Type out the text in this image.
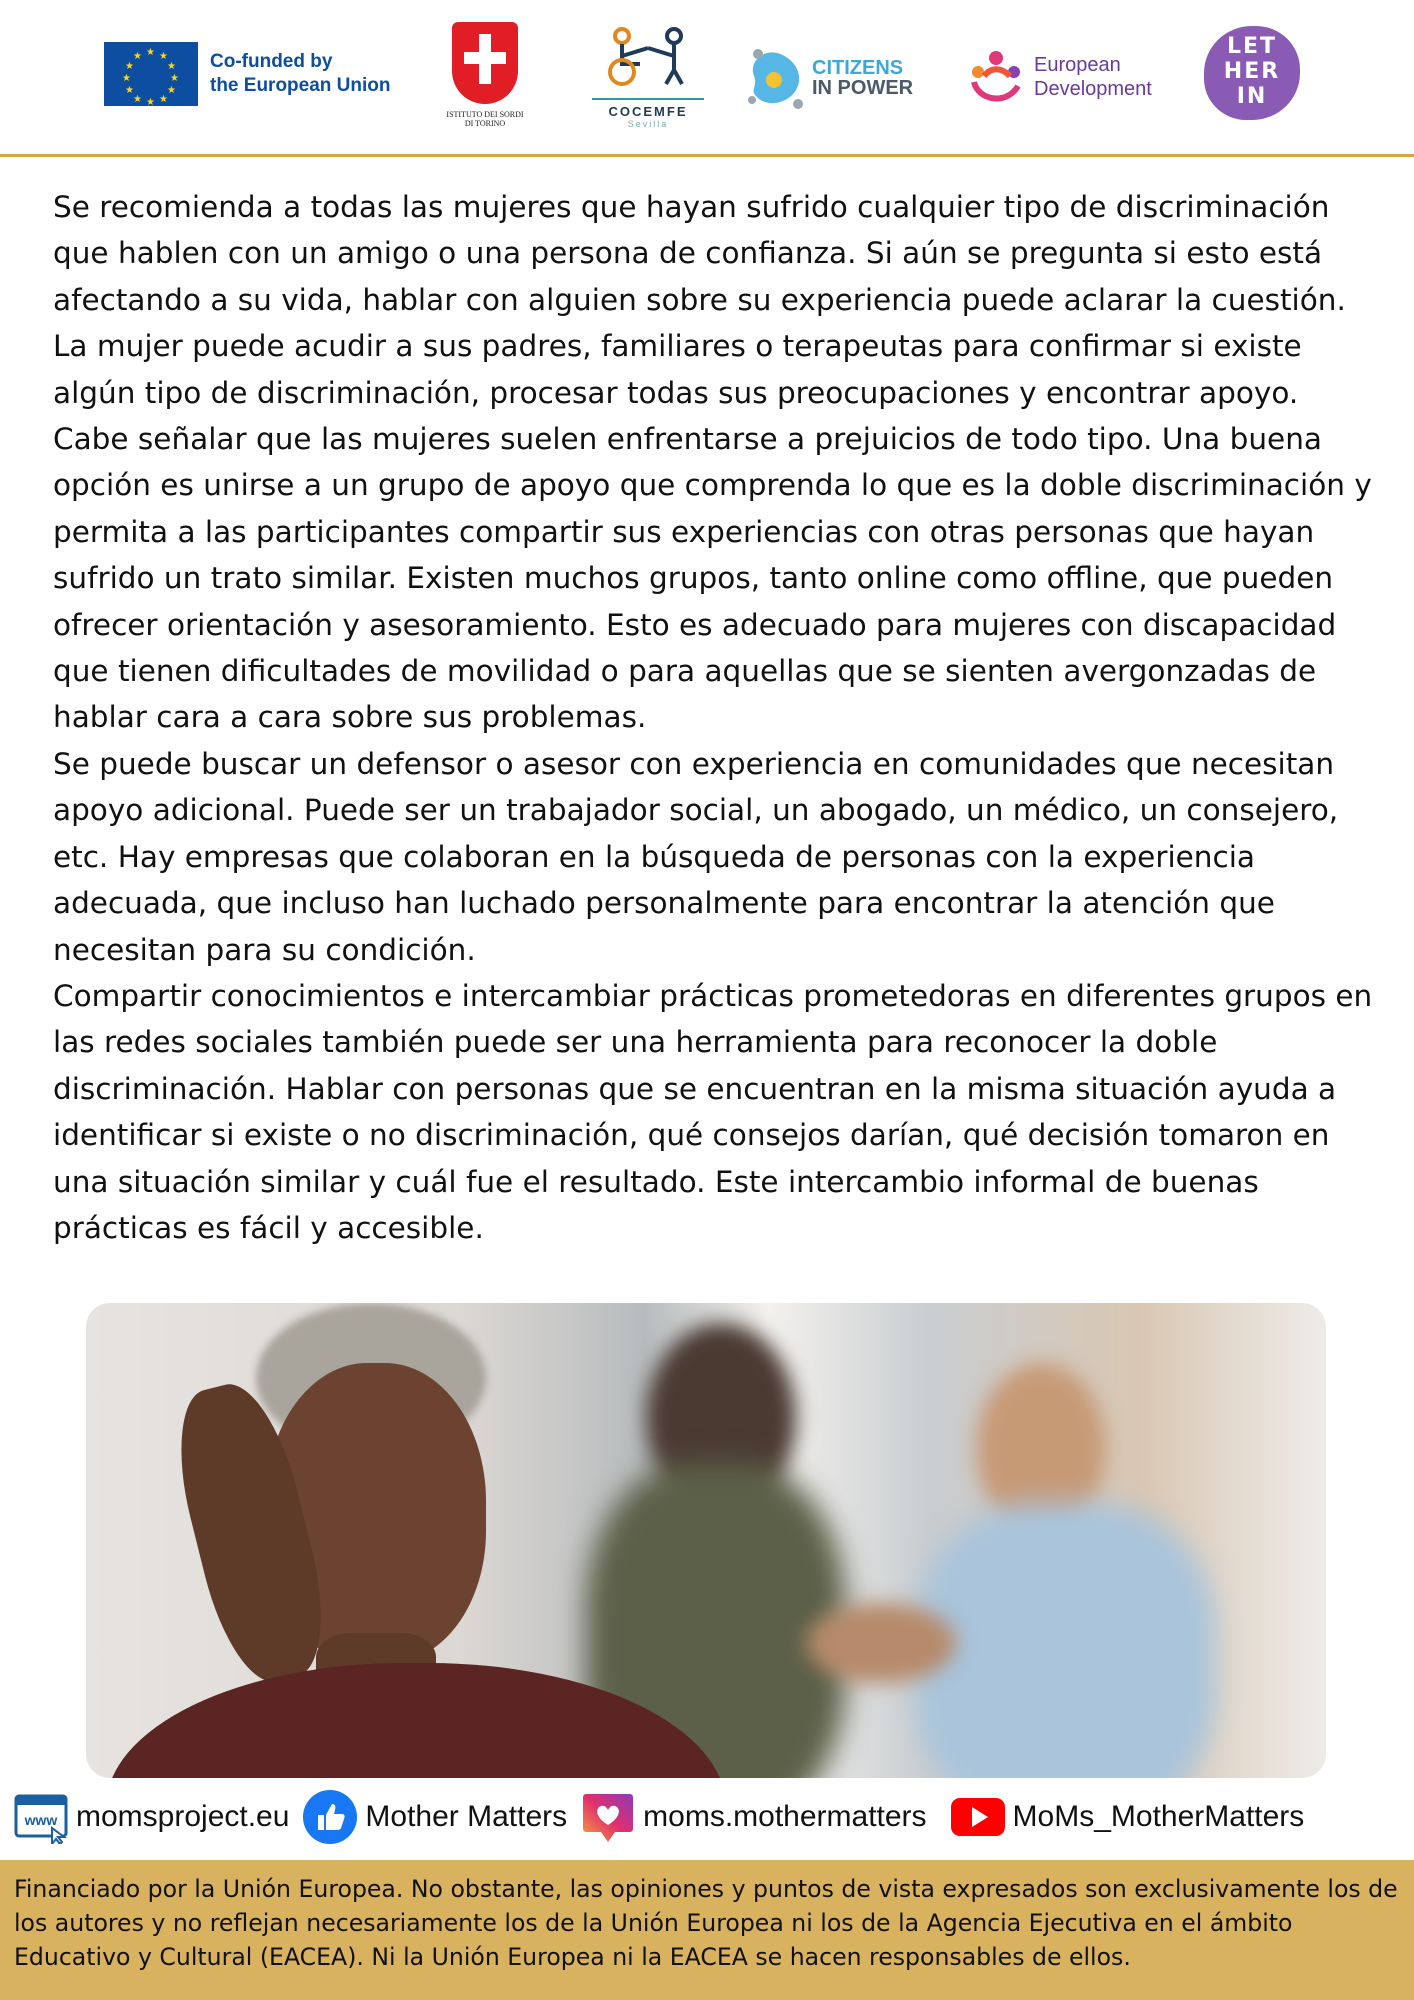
★ ★
★
★
★
★
★
★
★
★
★
★	Co-funded by
the European Union
ISTITUTO DEI SORDI
DI TORINO
COCEMFE
Sevilla
CITIZENS
IN POWER
European
Development
LET
HER
IN

Se recomienda a todas las mujeres que hayan sufrido cualquier tipo de discriminación que hablen con un amigo o una persona de confianza. Si aún se pregunta si esto está afectando a su vida, hablar con alguien sobre su experiencia puede aclarar la cuestión. La mujer puede acudir a sus padres, familiares o terapeutas para confirmar si existe algún tipo de discriminación, procesar todas sus preocupaciones y encontrar apoyo.

Cabe señalar que las mujeres suelen enfrentarse a prejuicios de todo tipo. Una buena opción es unirse a un grupo de apoyo que comprenda lo que es la doble discriminación y permita a las participantes compartir sus experiencias con otras personas que hayan sufrido un trato similar. Existen muchos grupos, tanto online como offline, que pueden ofrecer orientación y asesoramiento. Esto es adecuado para mujeres con discapacidad que tienen dificultades de movilidad o para aquellas que se sienten avergonzadas de hablar cara a cara sobre sus problemas.

Se puede buscar un defensor o asesor con experiencia en comunidades que necesitan apoyo adicional. Puede ser un trabajador social, un abogado, un médico, un consejero, etc. Hay empresas que colaboran en la búsqueda de personas con la experiencia adecuada, que incluso han luchado personalmente para encontrar la atención que necesitan para su condición.

Compartir conocimientos e intercambiar prácticas prometedoras en diferentes grupos en las redes sociales también puede ser una herramienta para reconocer la doble discriminación. Hablar con personas que se encuentran en la misma situación ayuda a identificar si existe o no discriminación, qué consejos darían, qué decisión tomaron en una situación similar y cuál fue el resultado. Este intercambio informal de buenas prácticas es fácil y accesible.

www momsproject.eu	Mother Matters	moms.mothermatters	MoMs_MotherMatters
Financiado por la Unión Europea. No obstante, las opiniones y puntos de vista expresados son exclusivamente los de los autores y no reflejan necesariamente los de la Unión Europea ni los de la Agencia Ejecutiva en el ámbito Educativo y Cultural (EACEA). Ni la Unión Europea ni la EACEA se hacen responsables de ellos.
